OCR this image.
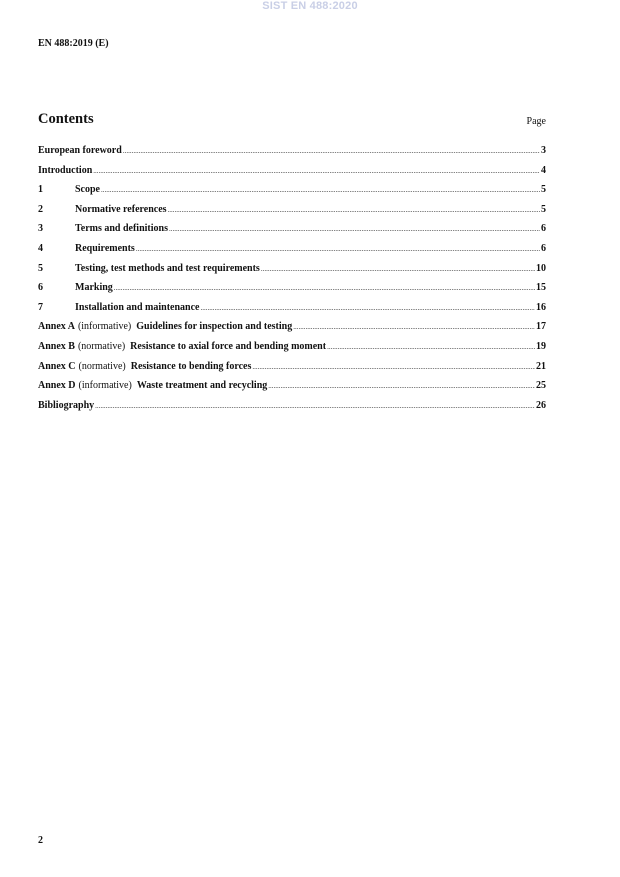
SIST EN 488:2020
EN 488:2019 (E)
Contents	Page
European foreword .....	3
Introduction .....	4
1	Scope .....	5
2	Normative references .....	5
3	Terms and definitions .....	6
4	Requirements .....	6
5	Testing, test methods and test requirements .....	10
6	Marking .....	15
7	Installation and maintenance .....	16
Annex A (informative) Guidelines for inspection and testing .....	17
Annex B (normative) Resistance to axial force and bending moment .....	19
Annex C (normative) Resistance to bending forces .....	21
Annex D (informative) Waste treatment and recycling .....	25
Bibliography .....	26
2
